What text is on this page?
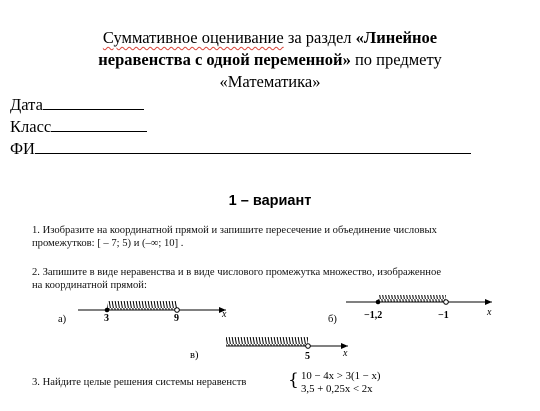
Суммативное оценивание за раздел «Линейное
неравенства с одной переменной» по предмету
«Математика»
Дата
Класс
ФИ
1 – вариант
1. Изобразите на координатной прямой и запишите пересечение и объединение числовых
промежутков: [ – 7; 5) и (–∞; 10] .
2. Запишите в виде неравенства и в виде числового промежутка множество, изображенное
на координатной прямой:
а)	3	9	x	б)	−1,2	−1	x
в)	5	x
3. Найдите целые решения системы неравенств	{ 10 − 4x > 3(1 − x)
3,5 + 0,25x < 2x
